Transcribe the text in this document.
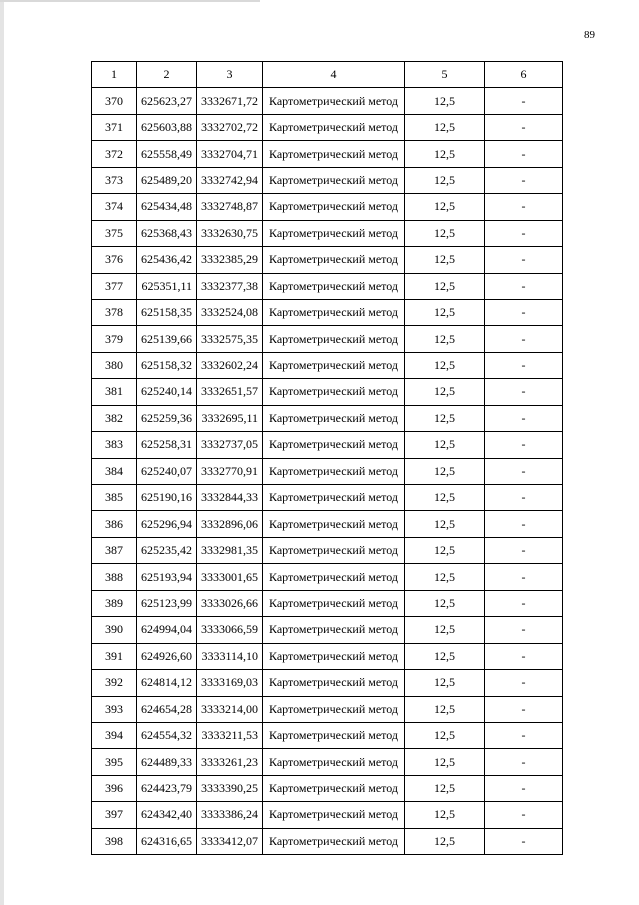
89
1	2	3	4	5	6
370	625623,27	3332671,72	Картометрический метод	12,5	-
371	625603,88	3332702,72	Картометрический метод	12,5	-
372	625558,49	3332704,71	Картометрический метод	12,5	-
373	625489,20	3332742,94	Картометрический метод	12,5	-
374	625434,48	3332748,87	Картометрический метод	12,5	-
375	625368,43	3332630,75	Картометрический метод	12,5	-
376	625436,42	3332385,29	Картометрический метод	12,5	-
377	625351,11	3332377,38	Картометрический метод	12,5	-
378	625158,35	3332524,08	Картометрический метод	12,5	-
379	625139,66	3332575,35	Картометрический метод	12,5	-
380	625158,32	3332602,24	Картометрический метод	12,5	-
381	625240,14	3332651,57	Картометрический метод	12,5	-
382	625259,36	3332695,11	Картометрический метод	12,5	-
383	625258,31	3332737,05	Картометрический метод	12,5	-
384	625240,07	3332770,91	Картометрический метод	12,5	-
385	625190,16	3332844,33	Картометрический метод	12,5	-
386	625296,94	3332896,06	Картометрический метод	12,5	-
387	625235,42	3332981,35	Картометрический метод	12,5	-
388	625193,94	3333001,65	Картометрический метод	12,5	-
389	625123,99	3333026,66	Картометрический метод	12,5	-
390	624994,04	3333066,59	Картометрический метод	12,5	-
391	624926,60	3333114,10	Картометрический метод	12,5	-
392	624814,12	3333169,03	Картометрический метод	12,5	-
393	624654,28	3333214,00	Картометрический метод	12,5	-
394	624554,32	3333211,53	Картометрический метод	12,5	-
395	624489,33	3333261,23	Картометрический метод	12,5	-
396	624423,79	3333390,25	Картометрический метод	12,5	-
397	624342,40	3333386,24	Картометрический метод	12,5	-
398	624316,65	3333412,07	Картометрический метод	12,5	-
